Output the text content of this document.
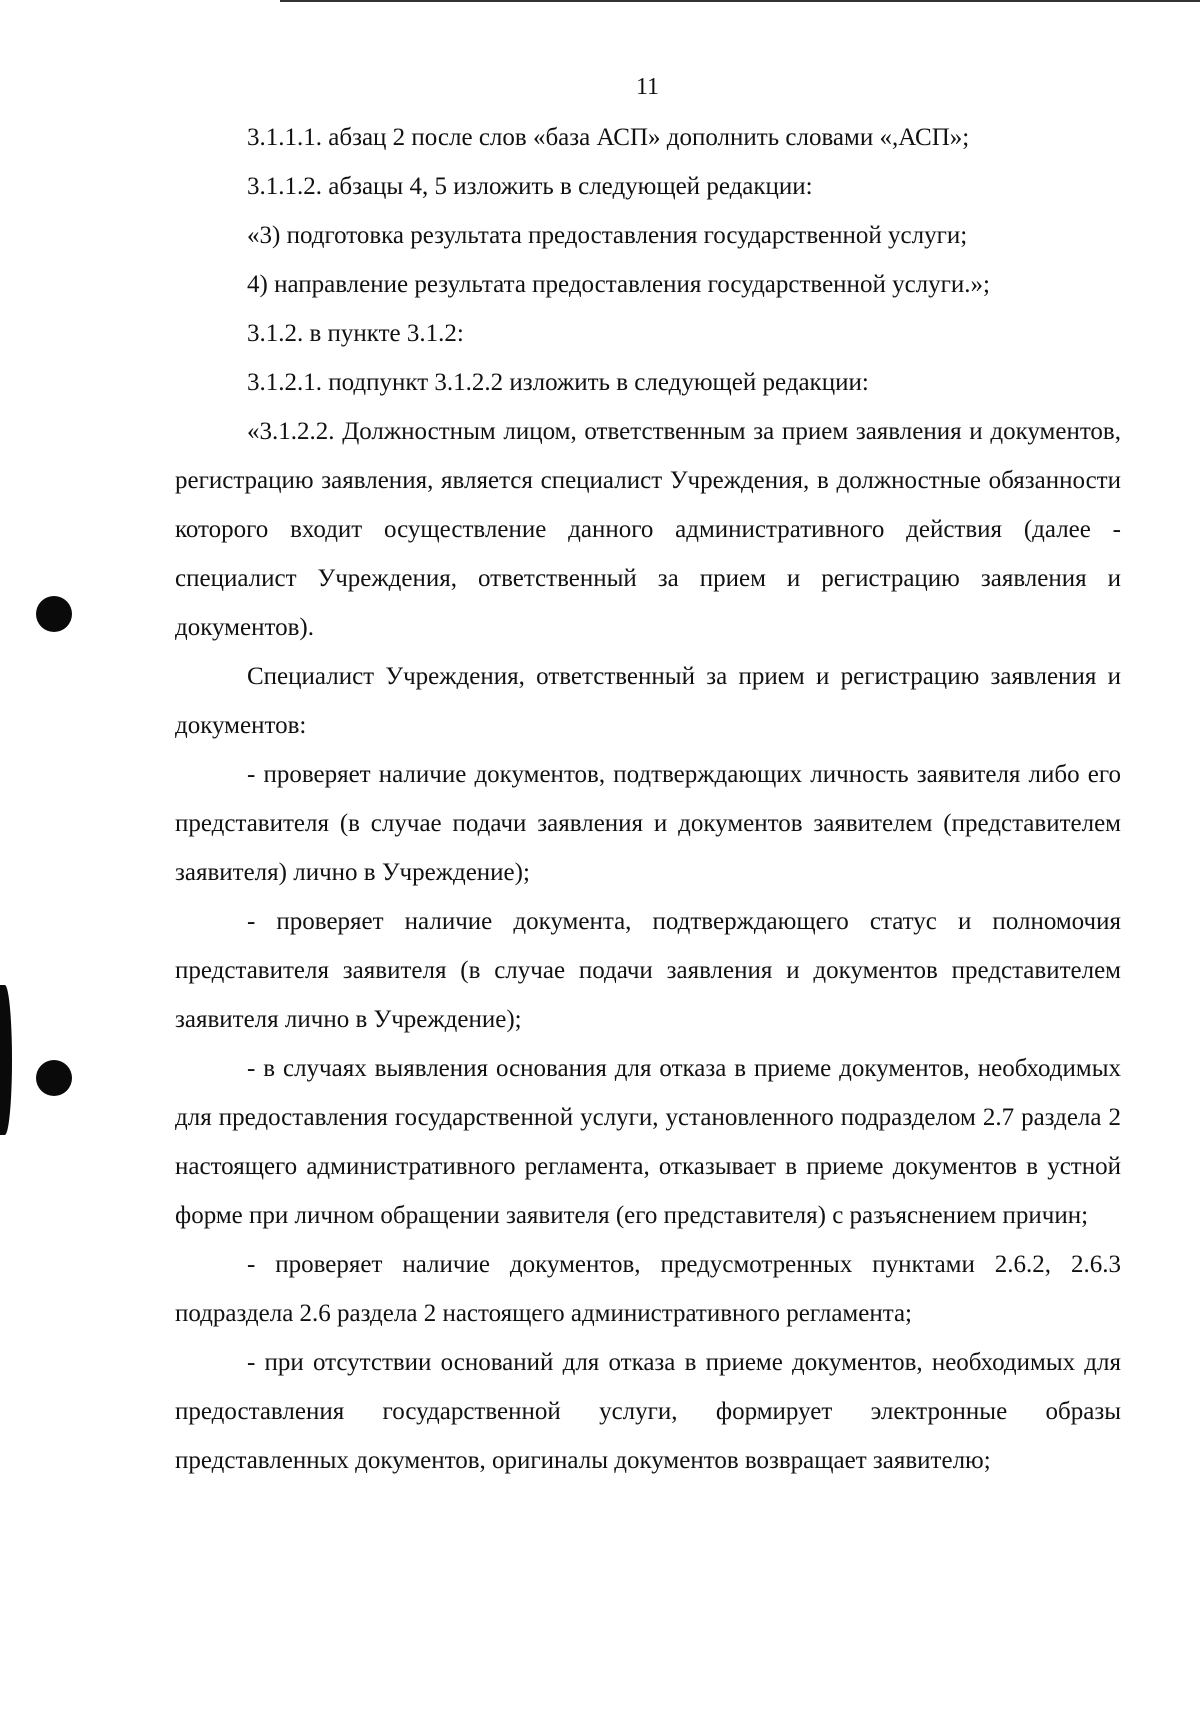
11

3.1.1.1. абзац 2 после слов «база АСП» дополнить словами «,АСП»;

3.1.1.2. абзацы 4, 5 изложить в следующей редакции:

«3) подготовка результата предоставления государственной услуги;

4) направление результата предоставления государственной услуги.»;

3.1.2. в пункте 3.1.2:

3.1.2.1. подпункт 3.1.2.2 изложить в следующей редакции:

«3.1.2.2. Должностным лицом, ответственным за прием заявления и документов, регистрацию заявления, является специалист Учреждения, в должностные обязанности которого входит осуществление данного административного действия (далее - специалист Учреждения, ответственный за прием и регистрацию заявления и документов).

Специалист Учреждения, ответственный за прием и регистрацию заявления и документов:

- проверяет наличие документов, подтверждающих личность заявителя либо его представителя (в случае подачи заявления и документов заявителем (представителем заявителя) лично в Учреждение);

- проверяет наличие документа, подтверждающего статус и полномочия представителя заявителя (в случае подачи заявления и документов представителем заявителя лично в Учреждение);

- в случаях выявления основания для отказа в приеме документов, необходимых для предоставления государственной услуги, установленного подразделом 2.7 раздела 2 настоящего административного регламента, отказывает в приеме документов в устной форме при личном обращении заявителя (его представителя) с разъяснением причин;

- проверяет наличие документов, предусмотренных пунктами 2.6.2, 2.6.3 подраздела 2.6 раздела 2 настоящего административного регламента;

- при отсутствии оснований для отказа в приеме документов, необходимых для предоставления государственной услуги, формирует электронные образы представленных документов, оригиналы документов возвращает заявителю;
